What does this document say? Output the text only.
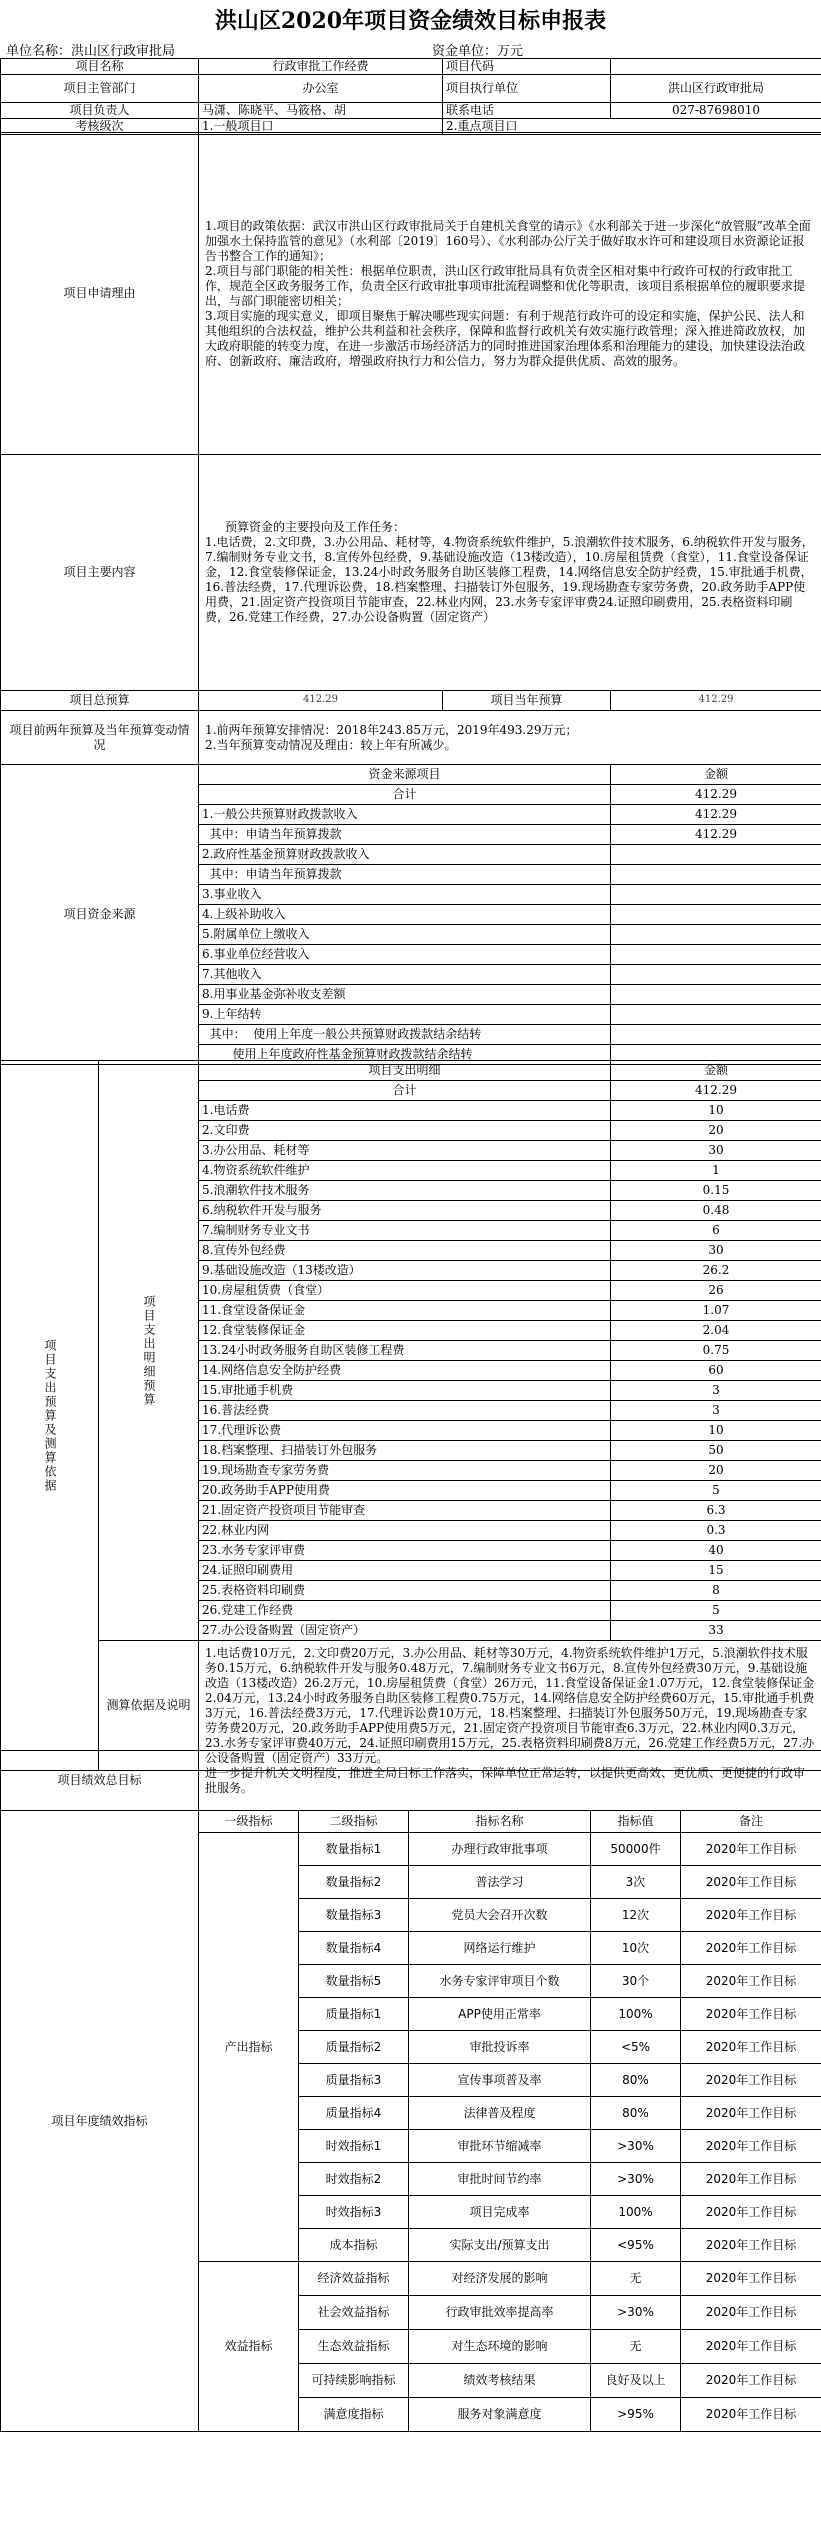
洪山区2020年项目资金绩效目标申报表
单位名称：洪山区行政审批局	资金单位：万元
项目名称	行政审批工作经费	项目代码	
项目主管部门	办公室	项目执行单位	洪山区行政审批局
项目负责人	马潇、陈晓平、马筱格、胡	联系电话	027-87698010
考核级次	1.一般项目口	2.重点项目口	
项目申请理由	1.项目的政策依据：武汉市洪山区行政审批局关于自建机关食堂的请示》《水利部关于进一步深化“放管服”改革全面加强水土保持监管的意见》（水利部〔2019〕160号）、《水利部办公厅关于做好取水许可和建设项目水资源论证报告书整合工作的通知》；

2.项目与部门职能的相关性：根据单位职责，洪山区行政审批局具有负责全区相对集中行政许可权的行政审批工作，规范全区政务服务工作，负责全区行政审批事项审批流程调整和优化等职责，该项目系根据单位的履职要求提出，与部门职能密切相关；

3.项目实施的现实意义，即项目聚焦于解决哪些现实问题：有利于规范行政许可的设定和实施，保护公民、法人和其他组织的合法权益，维护公共利益和社会秩序，保障和监督行政机关有效实施行政管理；深入推进简政放权，加大政府职能的转变力度，在进一步激活市场经济活力的同时推进国家治理体系和治理能力的建设，加快建设法治政府、创新政府、廉洁政府，增强政府执行力和公信力，努力为群众提供优质、高效的服务。		

项目主要内容	预算资金的主要投向及工作任务：

1.电话费，2.文印费，3.办公用品、耗材等，4.物资系统软件维护，5.浪潮软件技术服务，6.纳税软件开发与服务，7.编制财务专业文书，8.宣传外包经费，9.基础设施改造（13楼改造），10.房屋租赁费（食堂），11.食堂设备保证金，12.食堂装修保证金，13.24小时政务服务自助区装修工程费，14.网络信息安全防护经费，15.审批通手机费，16.普法经费，17.代理诉讼费，18.档案整理、扫描装订外包服务，19.现场勘查专家劳务费，20.政务助手APP使用费，21.固定资产投资项目节能审查，22.林业内网，23.水务专家评审费24.证照印刷费用，25.表格资料印刷费，26.党建工作经费，27.办公设备购置（固定资产）		

项目总预算	412.29	项目当年预算	412.29
项目前两年预算及当年预算变动情况	1.前两年预算安排情况：2018年243.85万元，2019年493.29万元；

2.当年预算变动情况及理由：较上年有所减少。		

项目资金来源	资金来源项目	金额
	合计	412.29
	1.一般公共预算财政拨款收入	412.29
	其中：申请当年预算拨款	412.29
	2.政府性基金预算财政拨款收入	
	其中：申请当年预算拨款	
	3.事业收入	
	4.上级补助收入	
	5.附属单位上缴收入	
	6.事业单位经营收入	
	7.其他收入	
	8.用事业基金弥补收支差额	
	9.上年结转	
	其中：  使用上年度一般公共预算财政拨款结余结转	
	使用上年度政府性基金预算财政拨款结余结转	
项目支出预算及测算依据	项目支出明细预算	项目支出明细	金额
		合计	412.29
		1.电话费	10
		2.文印费	20
		3.办公用品、耗材等	30
		4.物资系统软件维护	1
		5.浪潮软件技术服务	0.15
		6.纳税软件开发与服务	0.48
		7.编制财务专业文书	6
		8.宣传外包经费	30
		9.基础设施改造（13楼改造）	26.2
		10.房屋租赁费（食堂）	26
		11.食堂设备保证金	1.07
		12.食堂装修保证金	2.04
		13.24小时政务服务自助区装修工程费	0.75
		14.网络信息安全防护经费	60
		15.审批通手机费	3
		16.普法经费	3
		17.代理诉讼费	10
		18.档案整理、扫描装订外包服务	50
		19.现场勘查专家劳务费	20
		20.政务助手APP使用费	5
		21.固定资产投资项目节能审查	6.3
		22.林业内网	0.3
		23.水务专家评审费	40
		24.证照印刷费用	15
		25.表格资料印刷费	8
		26.党建工作经费	5
		27.办公设备购置（固定资产）	33
	测算依据及说明	1.电话费10万元，2.文印费20万元，3.办公用品、耗材等30万元，4.物资系统软件维护1万元，5.浪潮软件技术服务0.15万元，6.纳税软件开发与服务0.48万元，7.编制财务专业文书6万元，8.宣传外包经费30万元，9.基础设施改造（13楼改造）26.2万元，10.房屋租赁费（食堂）26万元，11.食堂设备保证金1.07万元，12.食堂装修保证金2.04万元，13.24小时政务服务自助区装修工程费0.75万元，14.网络信息安全防护经费60万元，15.审批通手机费3万元，16.普法经费3万元，17.代理诉讼费10万元，18.档案整理、扫描装订外包服务50万元，19.现场勘查专家劳务费20万元，20.政务助手APP使用费5万元，21.固定资产投资项目节能审查6.3万元，22.林业内网0.3万元，23.水务专家评审费40万元，24.证照印刷费用15万元，25.表格资料印刷费8万元，26.党建工作经费5万元，27.办公设备购置（固定资产）33万元。	
项目绩效总目标	进一步提升机关文明程度，推进全局目标工作落实，保障单位正常运转，以提供更高效、更优质、更便捷的行政审批服务。
项目年度绩效指标	一级指标	二级指标	指标名称	指标值	备注
	产出指标	数量指标1	办理行政审批事项	50000件	2020年工作目标
		数量指标2	普法学习	3次	2020年工作目标
		数量指标3	党员大会召开次数	12次	2020年工作目标
		数量指标4	网络运行维护	10次	2020年工作目标
		数量指标5	水务专家评审项目个数	30个	2020年工作目标
		质量指标1	APP使用正常率	100%	2020年工作目标
		质量指标2	审批投诉率	<5%	2020年工作目标
		质量指标3	宣传事项普及率	80%	2020年工作目标
		质量指标4	法律普及程度	80%	2020年工作目标
		时效指标1	审批环节缩减率	>30%	2020年工作目标
		时效指标2	审批时间节约率	>30%	2020年工作目标
		时效指标3	项目完成率	100%	2020年工作目标
		成本指标	实际支出/预算支出	<95%	2020年工作目标
	效益指标	经济效益指标	对经济发展的影响	无	2020年工作目标
		社会效益指标	行政审批效率提高率	>30%	2020年工作目标
		生态效益指标	对生态环境的影响	无	2020年工作目标
		可持续影响指标	绩效考核结果	良好及以上	2020年工作目标
		满意度指标	服务对象满意度	>95%	2020年工作目标
